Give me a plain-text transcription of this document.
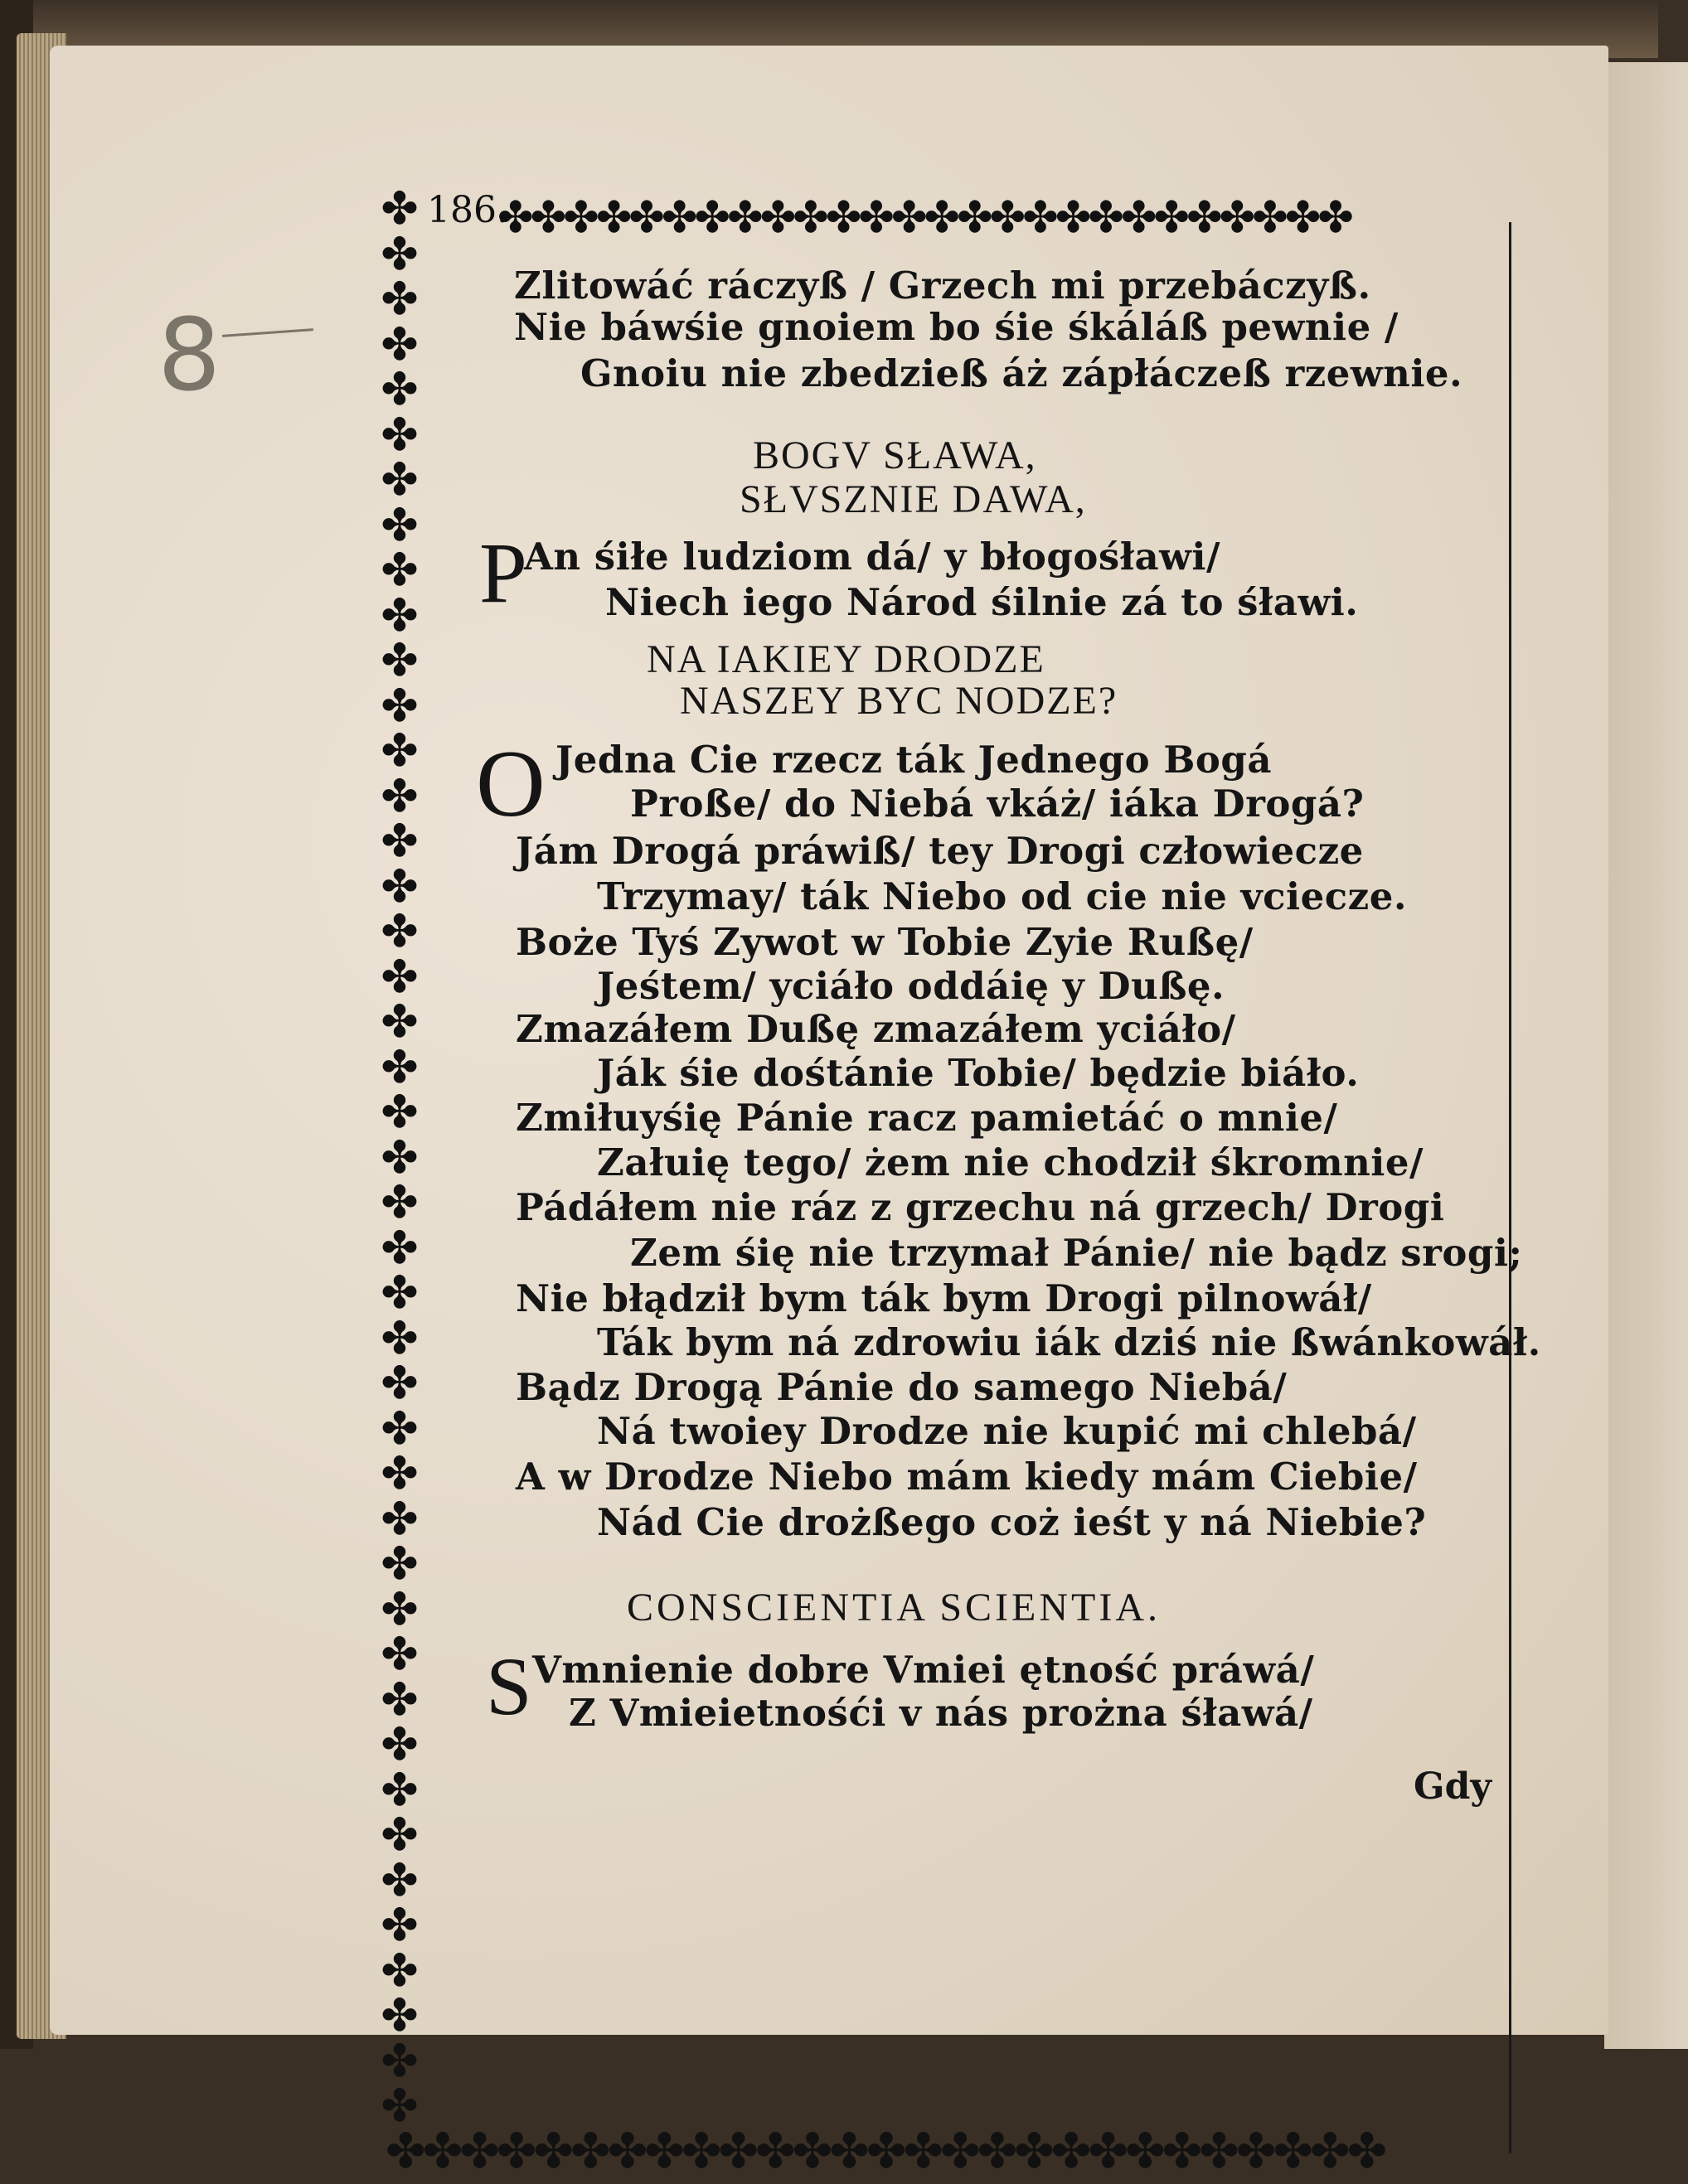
8
186.
✤✤✤✤✤✤✤✤✤✤✤✤✤✤✤✤✤✤✤✤✤✤✤✤✤✤
✤✤✤✤✤✤✤✤✤✤✤✤✤✤✤✤✤✤✤✤✤✤✤✤✤✤✤✤✤✤✤✤✤✤✤✤✤✤✤✤✤✤✤
✤✤✤✤✤✤✤✤✤✤✤✤✤✤✤✤✤✤✤✤✤✤✤✤✤✤✤
Zlitowáć ráczyß / Grzech mi przebáczyß.
Nie báwśie gnoiem bo śie śkáláß pewnie /
Gnoiu nie zbedzieß áż zápłáczeß rzewnie.
BOGV SŁAWA,
SŁVSZNIE DAWA,
P
An śiłe ludziom dá/ y błogośławi/
Niech iego Národ śilnie zá to śławi.
NA IAKIEY DRODZE
NASZEY BYC NODZE?
O Jedna Cie rzecz ták Jednego Bogá
Proße/ do Niebá vkáż/ iáka Drogá?
Jám Drogá práwiß/ tey Drogi człowiecze
Trzymay/ ták Niebo od cie nie vciecze.
Boże Tyś Zywot w Tobie Zyie Rußę/
Jeśtem/ yciáło oddáię y Dußę.
Zmazáłem Dußę zmazáłem yciáło/
Ják śie dośtánie Tobie/ będzie biáło.
Zmiłuyśię Pánie racz pamietáć o mnie/
Załuię tego/ żem nie chodził śkromnie/
Pádáłem nie ráz z grzechu ná grzech/ Drogi
Zem śię nie trzymał Pánie/ nie bądz srogi;
Nie błądził bym ták bym Drogi pilnowáł/
Ták bym ná zdrowiu iák dziś nie ßwánkowáł.
Bądz Drogą Pánie do samego Niebá/
Ná twoiey Drodze nie kupić mi chlebá/
A w Drodze Niebo mám kiedy mám Ciebie/
Nád Cie drożßego coż ieśt y ná Niebie?
CONSCIENTIA SCIENTIA.
S Vmnienie dobre Vmiei ętność práwá/
Z Vmieietnośći v nás prożna śławá/
Gdy
